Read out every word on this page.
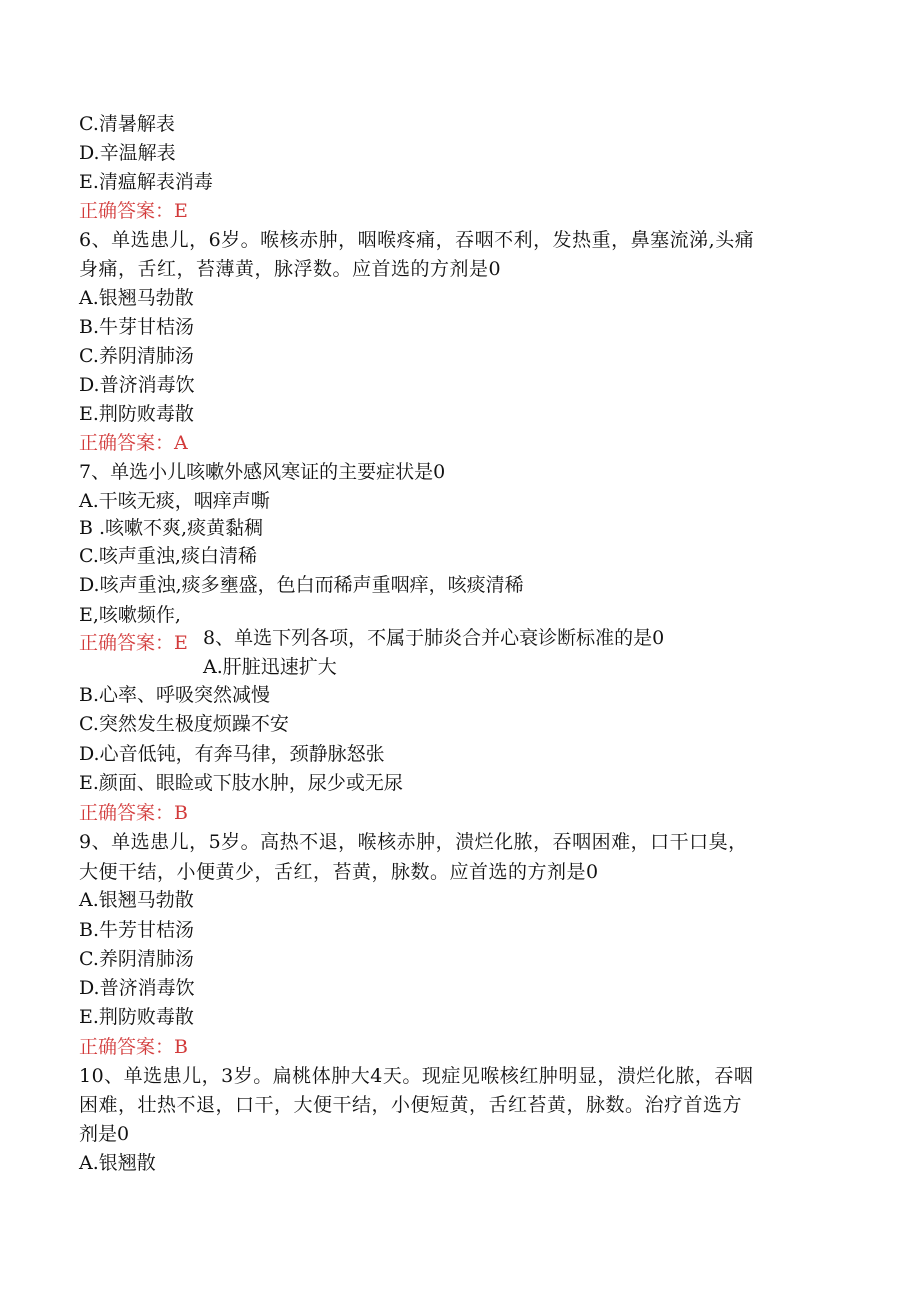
C.清暑解表
D.辛温解表
E.清瘟解表消毒
正确答案：E
6、单选患儿，6岁。喉核赤肿，咽喉疼痛，吞咽不利，发热重，鼻塞流涕,头痛
身痛，舌红，苔薄黄，脉浮数。应首选的方剂是0
A.银翘马勃散
B.牛芽甘桔汤
C.养阴清肺汤
D.普济消毒饮
E.荆防败毒散
正确答案：A
7、单选小儿咳嗽外感风寒证的主要症状是0
A.干咳无痰，咽痒声嘶
B .咳嗽不爽,痰黄黏稠
C.咳声重浊,痰白清稀
D.咳声重浊,痰多壅盛，色白而稀声重咽痒，咳痰清稀
E,咳嗽频作,
正确答案：E 8、单选下列各项，不属于肺炎合并心衰诊断标准的是0
A.肝脏迅速扩大
B.心率、呼吸突然减慢
C.突然发生极度烦躁不安
D.心音低钝，有奔马律，颈静脉怒张
E.颜面、眼睑或下肢水肿，尿少或无尿
正确答案：B
9、单选患儿，5岁。高热不退，喉核赤肿，溃烂化脓，吞咽困难，口干口臭，
大便干结，小便黄少，舌红，苔黄，脉数。应首选的方剂是0
A.银翘马勃散
B.牛芳甘桔汤
C.养阴清肺汤
D.普济消毒饮
E.荆防败毒散
正确答案：B
10、单选患儿，3岁。扁桃体肿大4天。现症见喉核红肿明显，溃烂化脓，吞咽
困难，壮热不退，口干，大便干结，小便短黄，舌红苔黄，脉数。治疗首选方
剂是0
A.银翘散
